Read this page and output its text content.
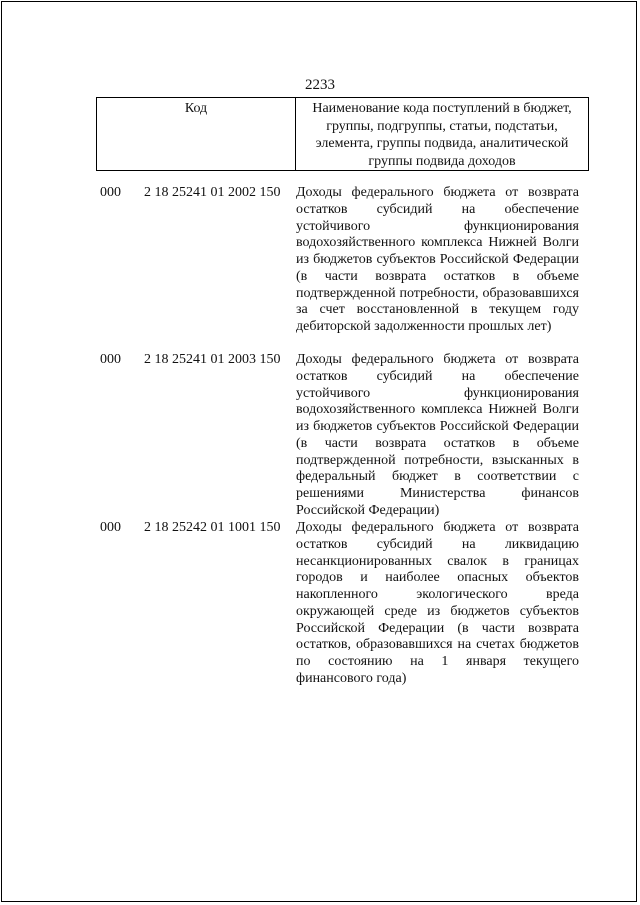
2233
Код	Наименование кода поступлений в бюджет, группы, подгруппы, статьи, подстатьи, элемента, группы подвида, аналитической группы подвида доходов
000	2 18 25241 01 2002 150	Доходы федерального бюджета от возврата остатков субсидий на обеспечение устойчивого функционирования водохозяйственного комплекса Нижней Волги из бюджетов субъектов Российской Федерации (в части возврата остатков в объеме подтвержденной потребности, образовавшихся за счет восстановленной в текущем году дебиторской задолженности прошлых лет)
000	2 18 25241 01 2003 150	Доходы федерального бюджета от возврата остатков субсидий на обеспечение устойчивого функционирования водохозяйственного комплекса Нижней Волги из бюджетов субъектов Российской Федерации (в части возврата остатков в объеме подтвержденной потребности, взысканных в федеральный бюджет в соответствии с решениями Министерства финансов Российской Федерации)
000	2 18 25242 01 1001 150	Доходы федерального бюджета от возврата остатков субсидий на ликвидацию несанкционированных свалок в границах городов и наиболее опасных объектов накопленного экологического вреда окружающей среде из бюджетов субъектов Российской Федерации (в части возврата остатков, образовавшихся на счетах бюджетов по состоянию на 1 января текущего финансового года)
